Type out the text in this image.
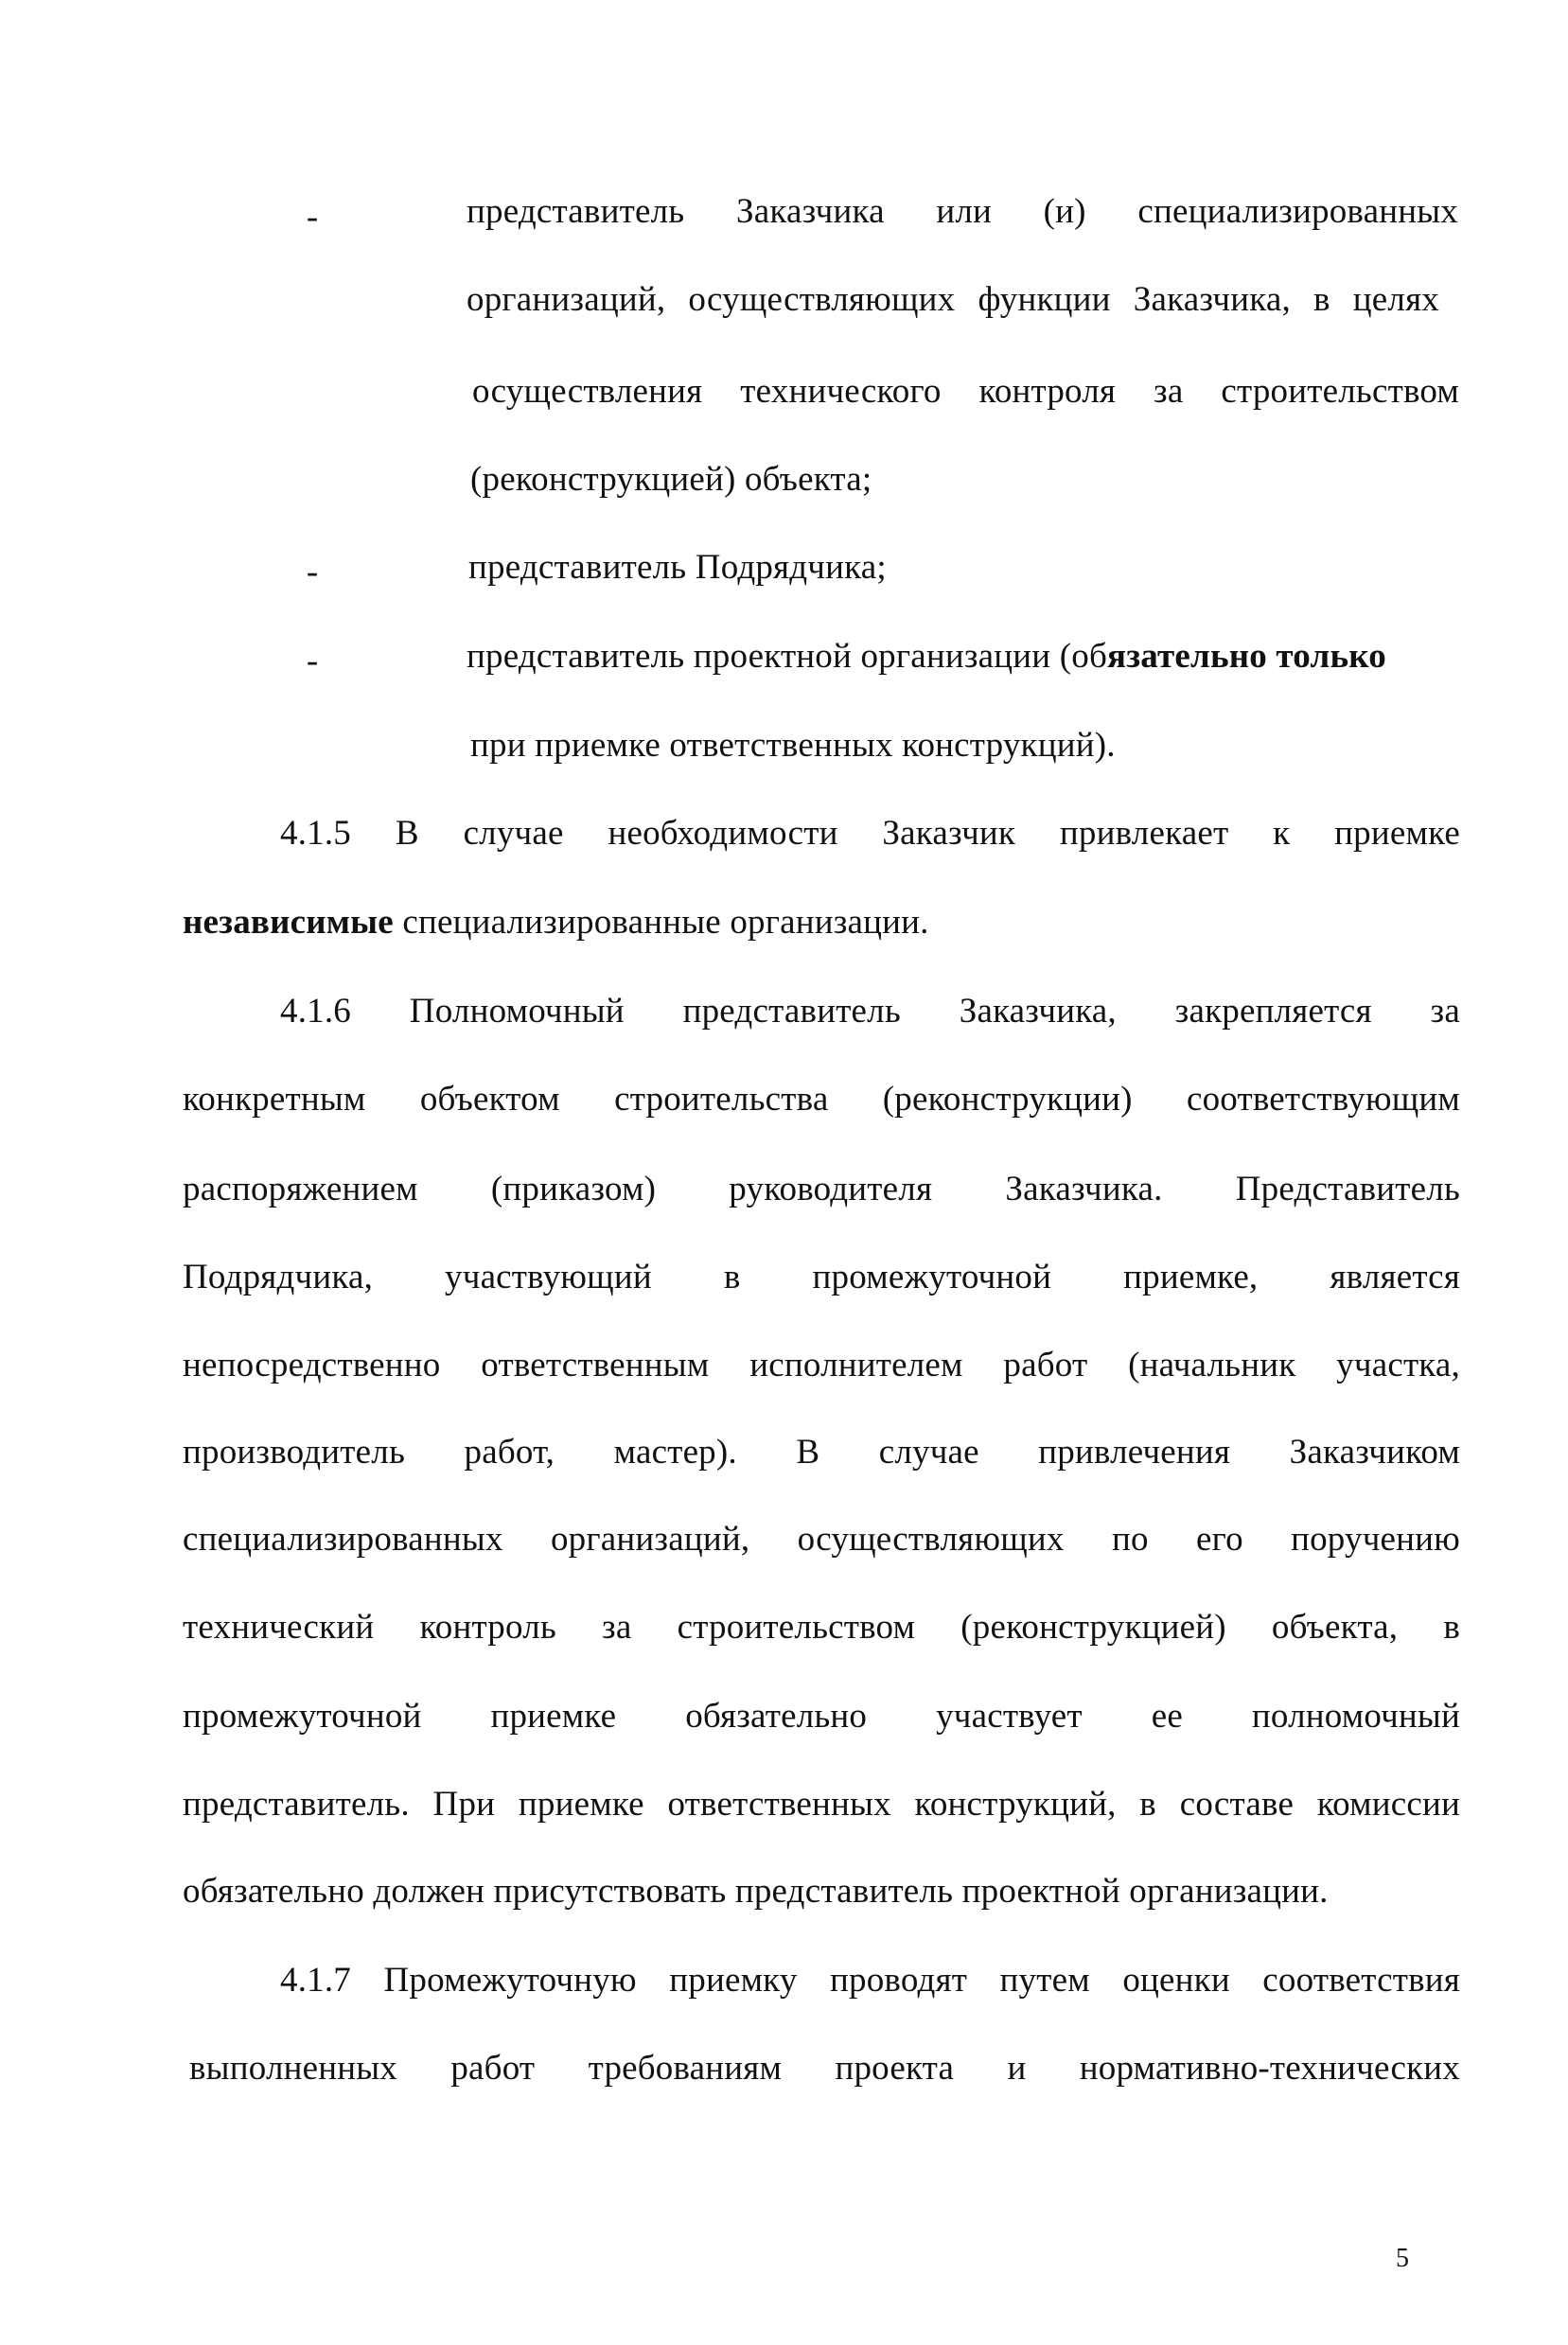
-	представитель Заказчика или (и) специализированных
организаций, осуществляющих функции Заказчика, в целях
осуществления технического контроля за строительством
(реконструкцией) объекта;
-	представитель Подрядчика;
-	представитель проектной организации (обязательно только
при приемке ответственных конструкций).
4.1.5 В случае необходимости Заказчик привлекает к приемке
независимые специализированные организации.
4.1.6 Полномочный представитель Заказчика, закрепляется за
конкретным объектом строительства (реконструкции) соответствующим
распоряжением (приказом) руководителя Заказчика. Представитель
Подрядчика, участвующий в промежуточной приемке, является
непосредственно ответственным исполнителем работ (начальник участка,
производитель работ, мастер). В случае привлечения Заказчиком
специализированных организаций, осуществляющих по его поручению
технический контроль за строительством (реконструкцией) объекта, в
промежуточной приемке обязательно участвует ее полномочный
представитель. При приемке ответственных конструкций, в составе комиссии
обязательно должен присутствовать представитель проектной организации.
4.1.7 Промежуточную приемку проводят путем оценки соответствия
выполненных работ требованиям проекта и нормативно-технических
5
